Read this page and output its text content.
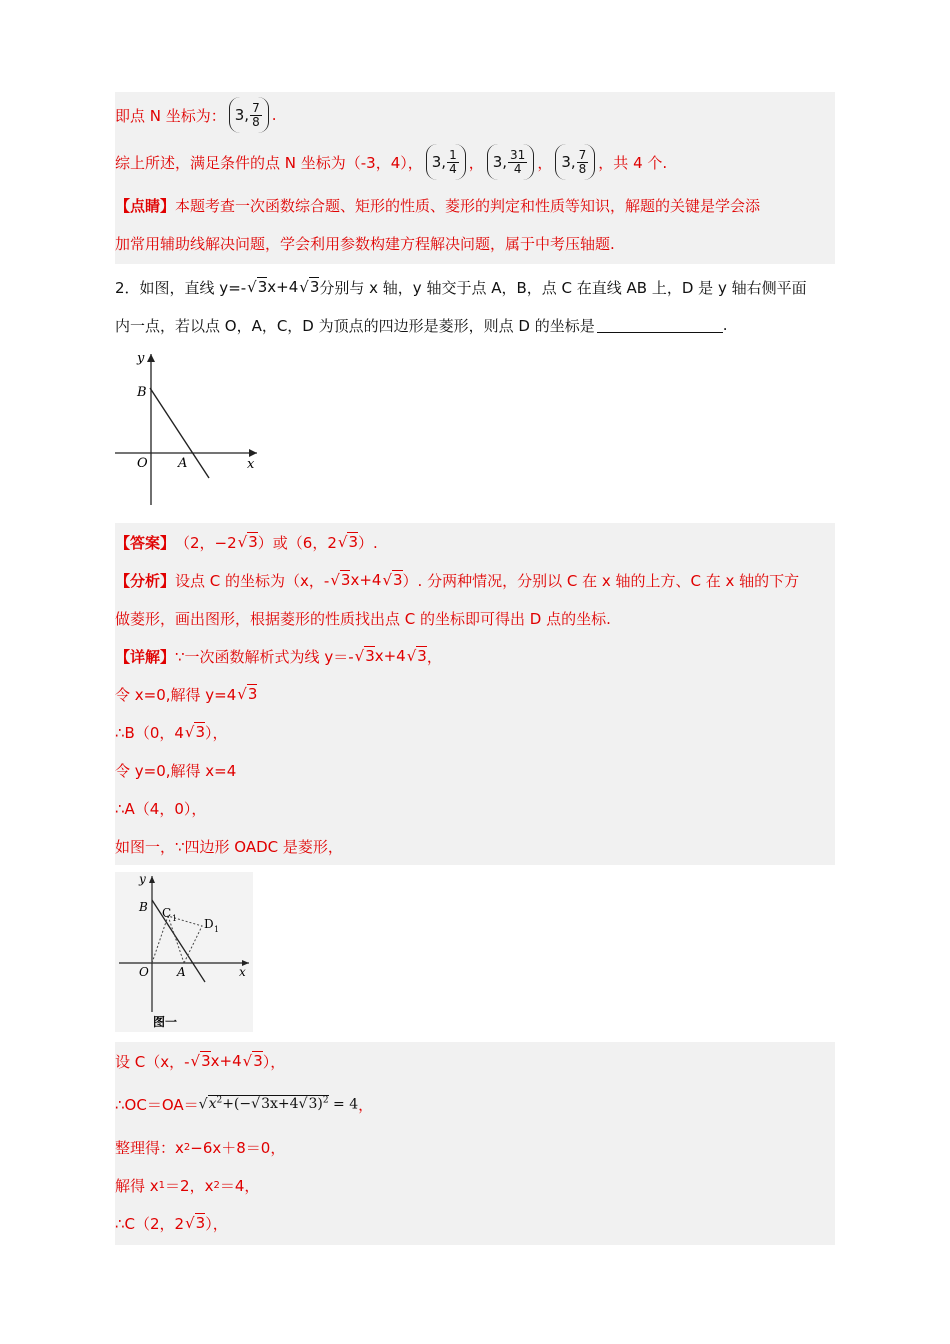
即点 N 坐标为： 3, $\frac{7}{8}$ .
综上所述，满足条件的点 N 坐标为（-3，4）， 3, $\frac{1}{4}$ ， 3, $\frac{31}{4}$ ， 3, $\frac{7}{8}$ ，共 4 个.
【点睛】 本题考查一次函数综合题、矩形的性质、菱形的判定和性质等知识，解题的关键是学会添
加常用辅助线解决问题，学会利用参数构建方程解决问题，属于中考压轴题.
2．如图，直线 y=- √3 x+4 √3 分别与 x 轴，y 轴交于点 A，B，点 C 在直线 AB 上，D 是 y 轴右侧平面
内一点，若以点 O，A，C，D 为顶点的四边形是菱形，则点 D 的坐标是	.
y
x
B
O A
【答案】 （2，−2 √3 ）或（6，2 √3 ）.
【分析】 设点 C 的坐标为（x，- √3 x+4 √3 ）. 分两种情况，分别以 C 在 x 轴的上方、C 在 x 轴的下方
做菱形，画出图形，根据菱形的性质找出点 C 的坐标即可得出 D 点的坐标.
【详解】 ∵一次函数解析式为线 y＝- √3 x+4 √3 ，
令 x=0,解得 y=4 √3
∴B（0，4 √3 ），
令 y=0,解得 x=4
∴A（4，0），
如图一，∵四边形 OADC 是菱形，
y
x
B C 1 D 1
O A
图一
设 C（x，- √3 x+4 √3 ），
∴OC＝OA＝ $√x^2+(-√3x+4√3)^2 = 4$ ，
整理得：x 2 −6x＋8＝0，
解得 x 1 ＝2，x 2 ＝4，
∴C（2，2 √3 ），
